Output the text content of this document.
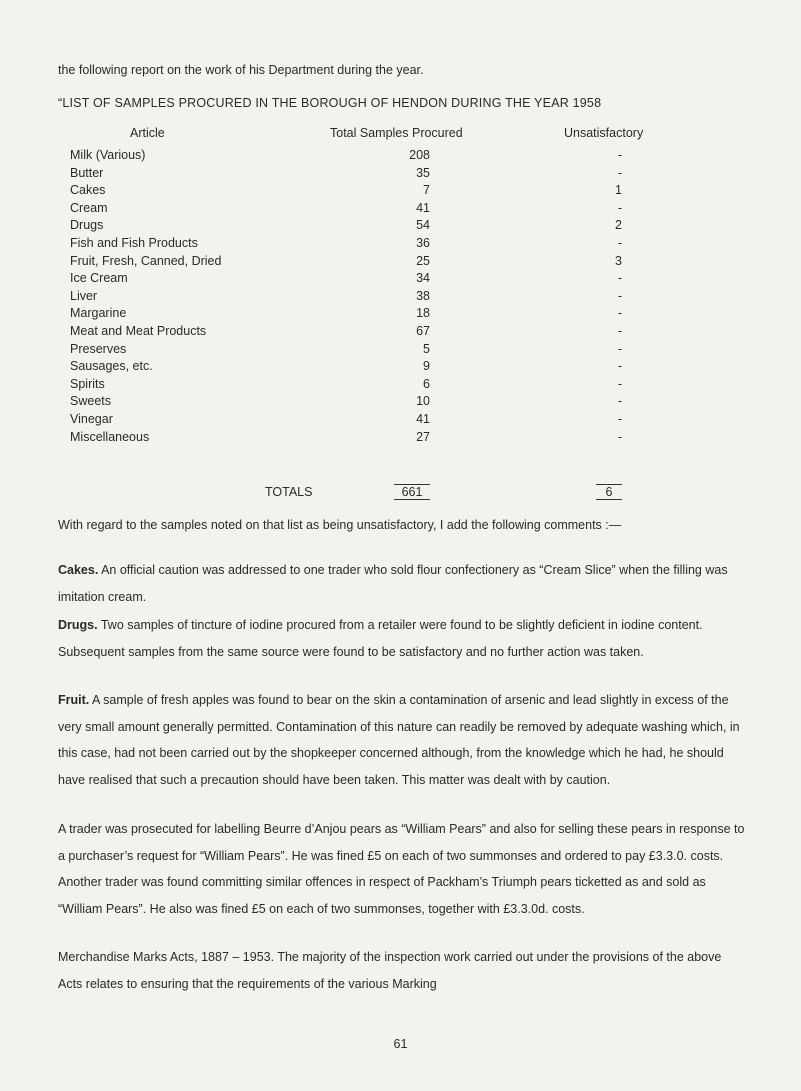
the following report on the work of his Department during the year.
“LIST OF SAMPLES PROCURED IN THE BOROUGH OF HENDON DURING THE YEAR 1958
Article	Total Samples Procured	Unsatisfactory
Milk (Various)	208	-
Butter	35	-
Cakes	7	1
Cream	41	-
Drugs	54	2
Fish and Fish Products	36	-
Fruit, Fresh, Canned, Dried	25	3
Ice Cream	34	-
Liver	38	-
Margarine	18	-
Meat and Meat Products	67	-
Preserves	5	-
Sausages, etc.	9	-
Spirits	6	-
Sweets	10	-
Vinegar	41	-
Miscellaneous	27	-
TOTALS	661	6
With regard to the samples noted on that list as being unsatisfactory, I add the following comments :—
Cakes. An official caution was addressed to one trader who sold flour confectionery as “Cream Slice” when the filling was imitation cream.
Drugs. Two samples of tincture of iodine procured from a retailer were found to be slightly deficient in iodine content. Subsequent samples from the same source were found to be satisfactory and no further action was taken.
Fruit. A sample of fresh apples was found to bear on the skin a contamination of arsenic and lead slightly in excess of the very small amount generally permitted. Contamination of this nature can readily be removed by adequate washing which, in this case, had not been carried out by the shopkeeper concerned although, from the knowledge which he had, he should have realised that such a precaution should have been taken. This matter was dealt with by caution.
A trader was prosecuted for labelling Beurre d’Anjou pears as “William Pears” and also for selling these pears in response to a purchaser’s request for “William Pears”. He was fined £5 on each of two summonses and ordered to pay £3.3.0. costs. Another trader was found committing similar offences in respect of Packham’s Triumph pears ticketted as and sold as “William Pears”. He also was fined £5 on each of two summonses, together with £3.3.0d. costs.
Merchandise Marks Acts, 1887 – 1953. The majority of the inspection work carried out under the provisions of the above Acts relates to ensuring that the requirements of the various Marking
61
